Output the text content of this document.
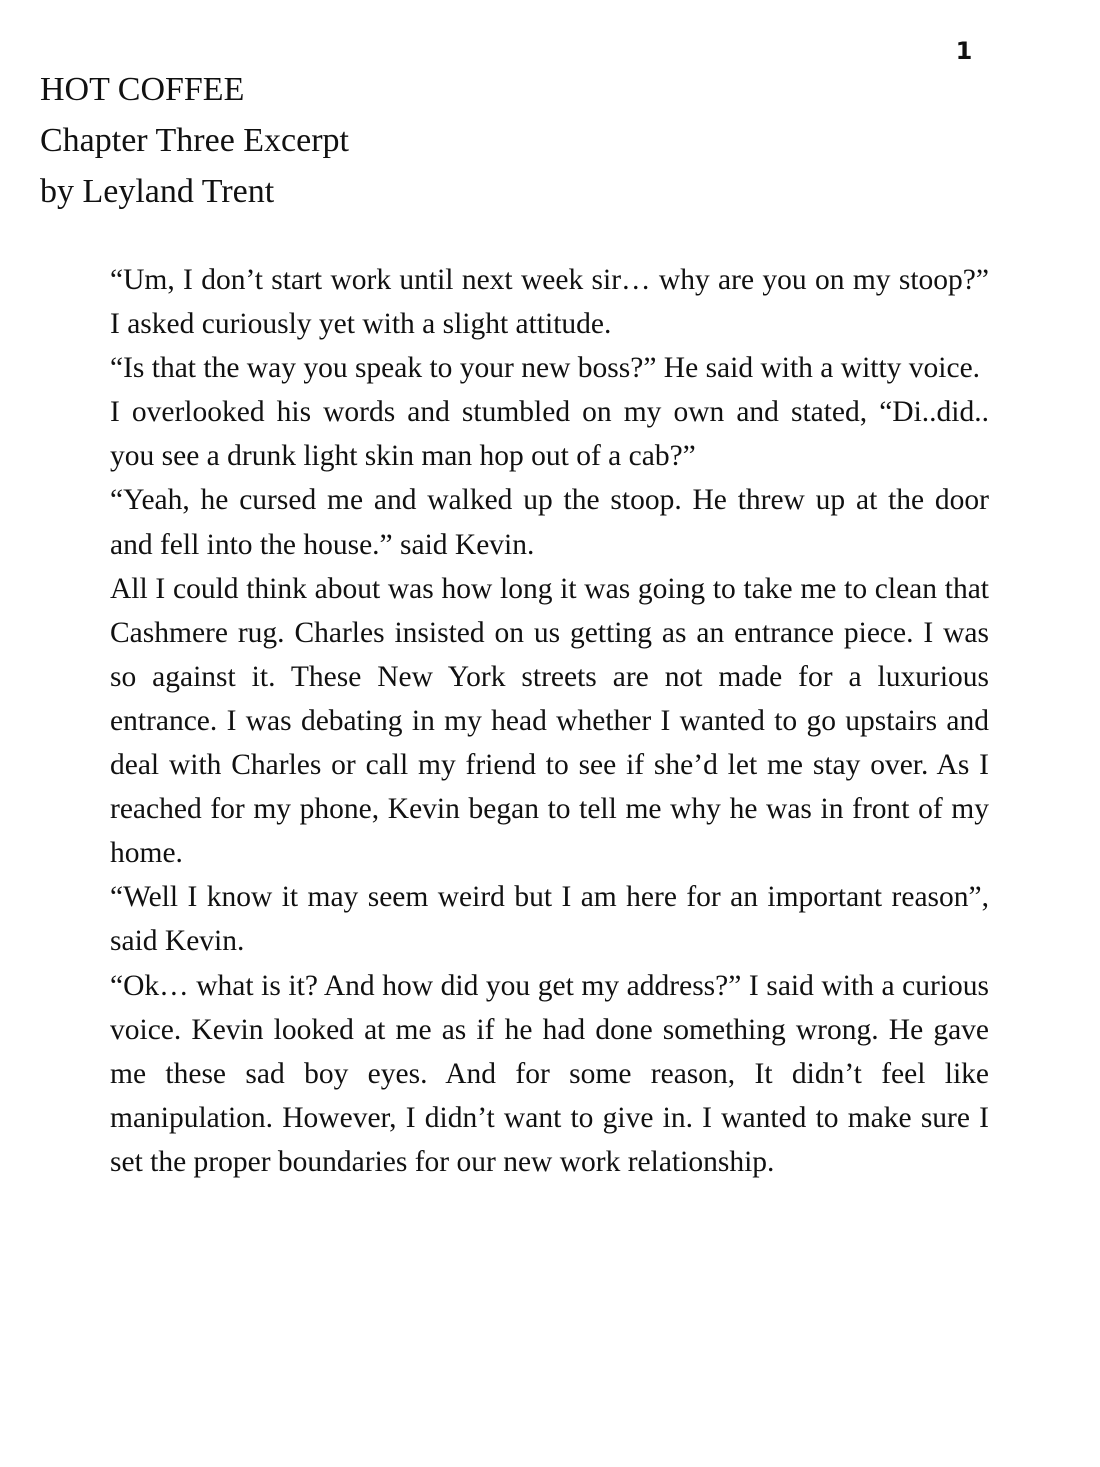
1
HOT COFFEE
Chapter Three Excerpt
by Leyland Trent

“Um, I don’t start work until next week sir… why are you on my stoop?” I asked curiously yet with a slight attitude.

“Is that the way you speak to your new boss?” He said with a witty voice.

I overlooked his words and stumbled on my own and stated, “Di..did.. you see a drunk light skin man hop out of a cab?”

“Yeah, he cursed me and walked up the stoop. He threw up at the door and fell into the house.” said Kevin.

All I could think about was how long it was going to take me to clean that Cashmere rug. Charles insisted on us getting as an entrance piece. I was so against it. These New York streets are not made for a luxurious entrance. I was debating in my head whether I wanted to go upstairs and deal with Charles or call my friend to see if she’d let me stay over. As I reached for my phone, Kevin began to tell me why he was in front of my home.

“Well I know it may seem weird but I am here for an important reason”, said Kevin.

“Ok… what is it? And how did you get my address?” I said with a curious voice. Kevin looked at me as if he had done something wrong. He gave me these sad boy eyes. And for some reason, It didn’t feel like manipulation. However, I didn’t want to give in. I wanted to make sure I set the proper boundaries for our new work relationship.
